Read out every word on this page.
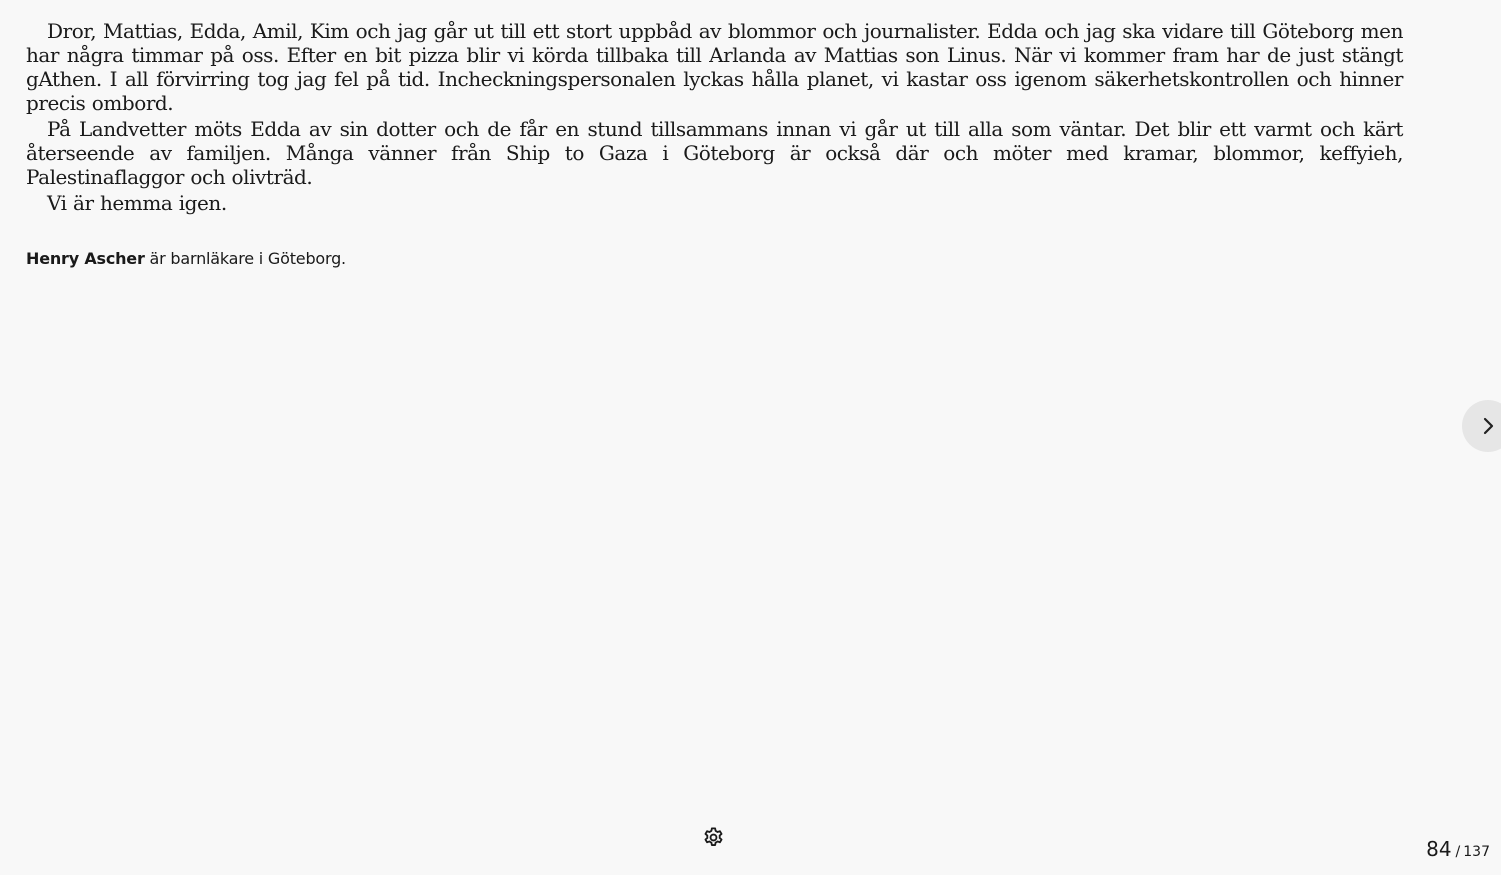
Dror, Mattias, Edda, Amil, Kim och jag går ut till ett stort uppbåd av blommor och journalister. Edda och jag ska vidare till Göteborg men har några timmar på oss. Efter en bit pizza blir vi körda tillbaka till Arlanda av Mattias son Linus. När vi kommer fram har de just stängt gAthen. I all förvirring tog jag fel på tid. Incheckningspersonalen lyckas hålla planet, vi kastar oss igenom säkerhetskontrollen och hinner precis ombord.

På Landvetter möts Edda av sin dotter och de får en stund tillsammans innan vi går ut till alla som väntar. Det blir ett varmt och kärt återseende av familjen. Många vänner från Ship to Gaza i Göteborg är också där och möter med kramar, blommor, keffyieh, Palestinaflaggor och olivträd.

Vi är hemma igen.

Henry Ascher är barnläkare i Göteborg.
84 / 137
